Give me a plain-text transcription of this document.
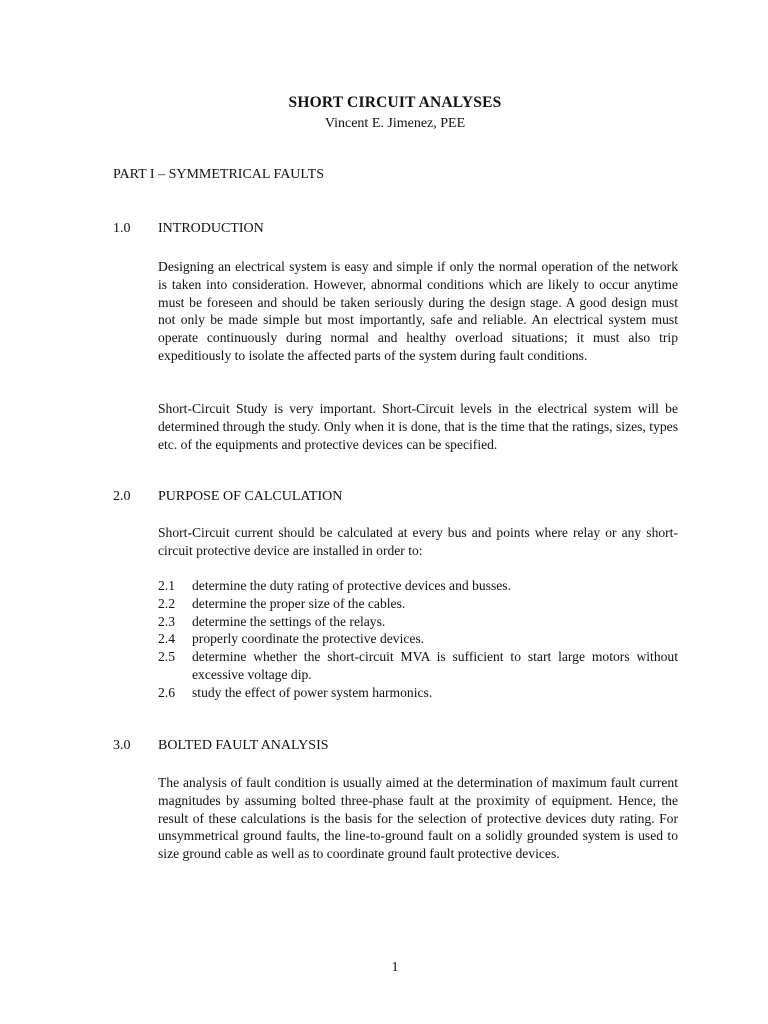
SHORT CIRCUIT ANALYSES
Vincent E. Jimenez, PEE
PART I – SYMMETRICAL FAULTS
1.0 INTRODUCTION

Designing an electrical system is easy and simple if only the normal operation of the network is taken into consideration. However, abnormal conditions which are likely to occur anytime must be foreseen and should be taken seriously during the design stage. A good design must not only be made simple but most importantly, safe and reliable. An electrical system must operate continuously during normal and healthy overload situations; it must also trip expeditiously to isolate the affected parts of the system during fault conditions.

Short-Circuit Study is very important. Short-Circuit levels in the electrical system will be determined through the study. Only when it is done, that is the time that the ratings, sizes, types etc. of the equipments and protective devices can be specified.

2.0 PURPOSE OF CALCULATION

Short-Circuit current should be calculated at every bus and points where relay or any short-circuit protective device are installed in order to:

2.1 determine the duty rating of protective devices and busses.
2.2 determine the proper size of the cables.
2.3 determine the settings of the relays.
2.4 properly coordinate the protective devices.
2.5 determine whether the short-circuit MVA is sufficient to start large motors without excessive voltage dip.
2.6 study the effect of power system harmonics.
3.0 BOLTED FAULT ANALYSIS

The analysis of fault condition is usually aimed at the determination of maximum fault current magnitudes by assuming bolted three-phase fault at the proximity of equipment. Hence, the result of these calculations is the basis for the selection of protective devices duty rating. For unsymmetrical ground faults, the line-to-ground fault on a solidly grounded system is used to size ground cable as well as to coordinate ground fault protective devices.

1
